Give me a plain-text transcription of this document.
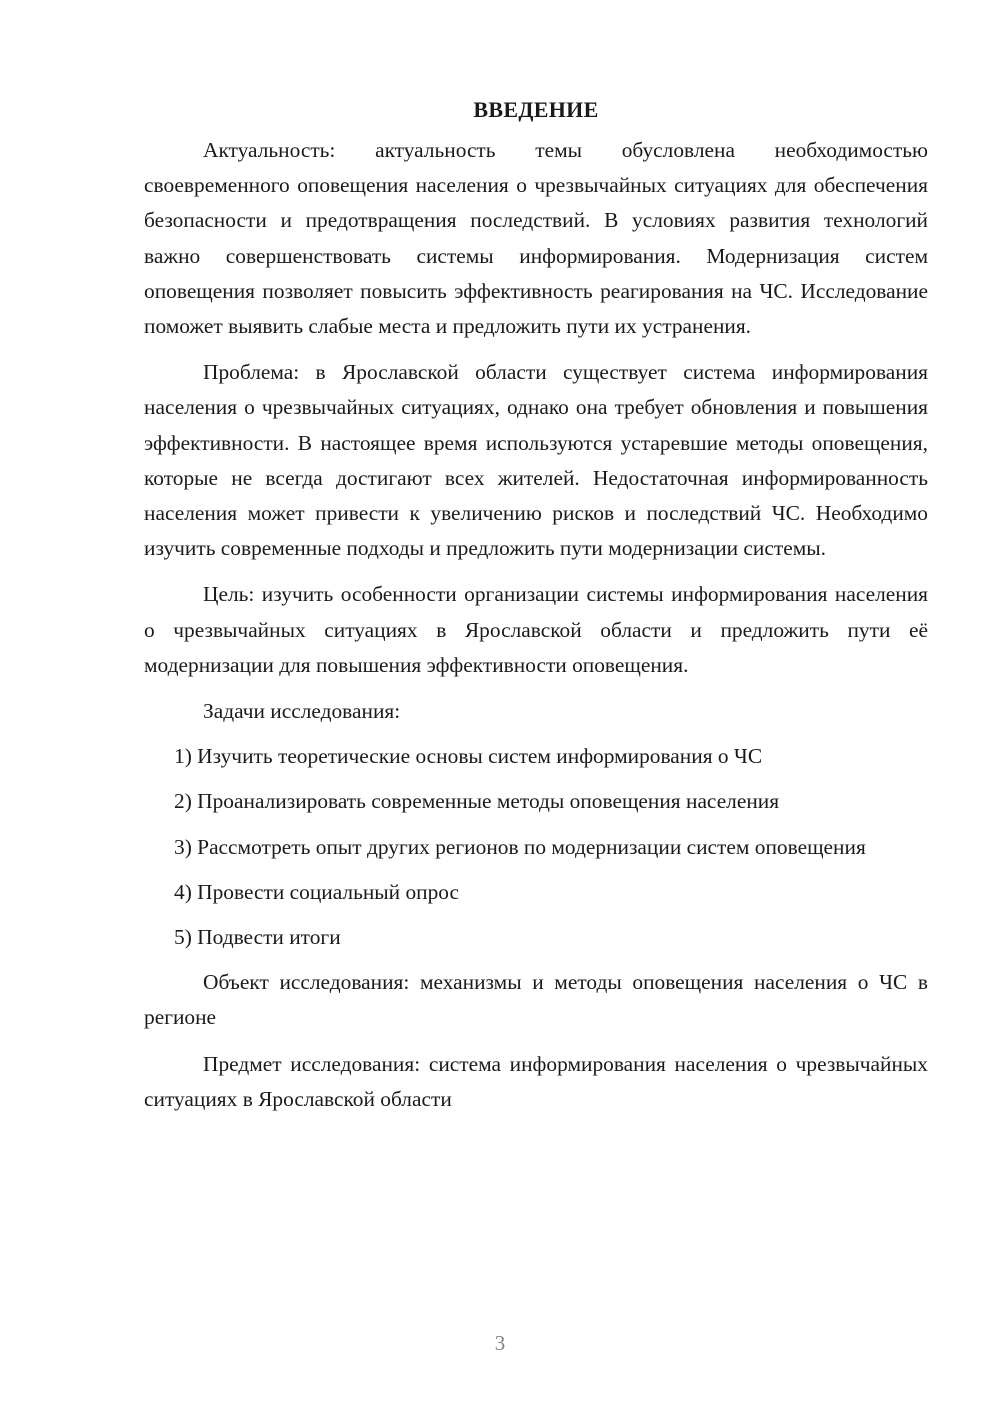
ВВЕДЕНИЕ

Актуальность: актуальность темы обусловлена необходимостью своевременного оповещения населения о чрезвычайных ситуациях для обеспечения безопасности и предотвращения последствий. В условиях развития технологий важно совершенствовать системы информирования. Модернизация систем оповещения позволяет повысить эффективность реагирования на ЧС. Исследование поможет выявить слабые места и предложить пути их устранения.

Проблема: в Ярославской области существует система информирования населения о чрезвычайных ситуациях, однако она требует обновления и повышения эффективности. В настоящее время используются устаревшие методы оповещения, которые не всегда достигают всех жителей. Недостаточная информированность населения может привести к увеличению рисков и последствий ЧС. Необходимо изучить современные подходы и предложить пути модернизации системы.

Цель: изучить особенности организации системы информирования населения о чрезвычайных ситуациях в Ярославской области и предложить пути её модернизации для повышения эффективности оповещения.

Задачи исследования:

1) Изучить теоретические основы систем информирования о ЧС

2) Проанализировать современные методы оповещения населения

3) Рассмотреть опыт других регионов по модернизации систем оповещения

4) Провести социальный опрос

5) Подвести итоги

Объект исследования: механизмы и методы оповещения населения о ЧС в регионе

Предмет исследования: система информирования населения о чрезвычайных ситуациях в Ярославской области

3
